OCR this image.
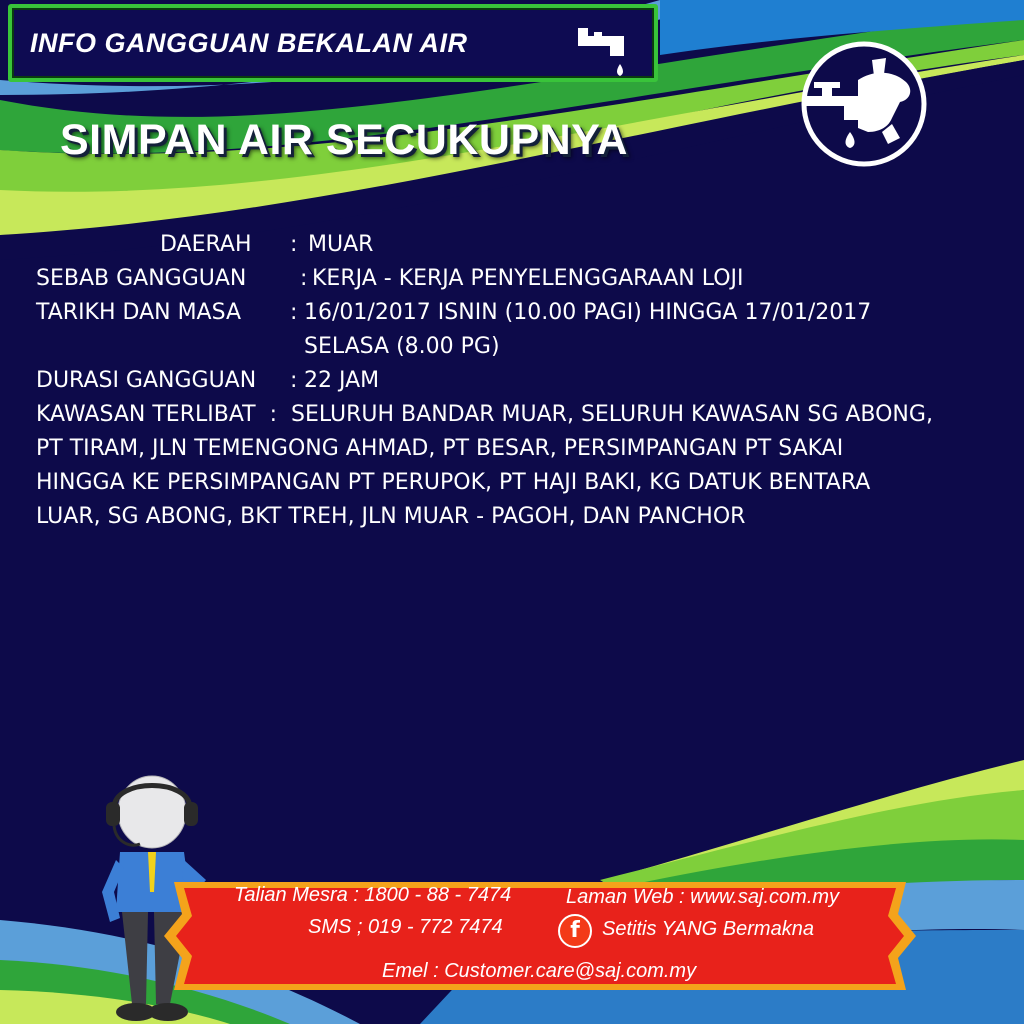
INFO GANGGUAN BEKALAN AIR
SIMPAN AIR SECUKUPNYA
DAERAH : MUAR
SEBAB GANGGUAN : KERJA - KERJA PENYELENGGARAAN LOJI
TARIKH DAN MASA : 16/01/2017 ISNIN (10.00 PAGI) HINGGA 17/01/2017
SELASA (8.00 PG)
DURASI GANGGUAN : 22 JAM
KAWASAN TERLIBAT  :  SELURUH BANDAR MUAR, SELURUH KAWASAN SG ABONG, PT TIRAM, JLN TEMENGONG AHMAD, PT BESAR, PERSIMPANGAN PT SAKAI HINGGA KE PERSIMPANGAN PT PERUPOK, PT HAJI BAKI, KG DATUK BENTARA LUAR, SG ABONG, BKT TREH, JLN MUAR - PAGOH, DAN PANCHOR
Talian Mesra : 1800 - 88 - 7474	Laman Web : www.saj.com.my
SMS ; 019 - 772 7474	f	Setitis YANG Bermakna
Emel : Customer.care@saj.com.my
